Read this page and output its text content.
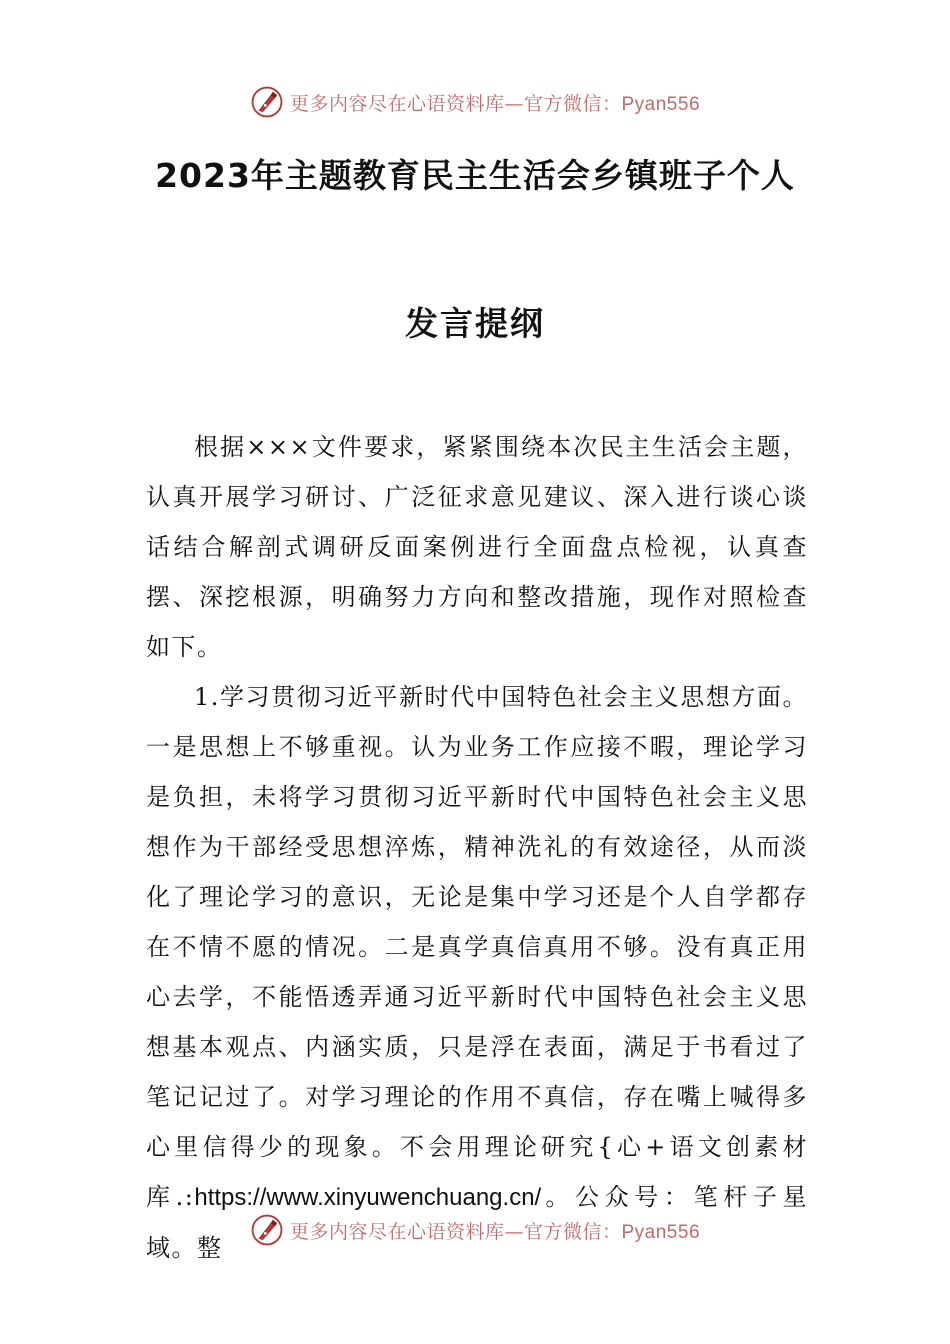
更多内容尽在心语资料库—官方微信：Pyan556
2023年主题教育民主生活会乡镇班子个人
发言提纲

根据×××文件要求，紧紧围绕本次民主生活会主题，认真开展学习研讨、广泛征求意见建议、深入进行谈心谈话结合解剖式调研反面案例进行全面盘点检视，认真查摆、深挖根源，明确努力方向和整改措施，现作对照检查如下。

1.学习贯彻习近平新时代中国特色社会主义思想方面。一是思想上不够重视。认为业务工作应接不暇，理论学习是负担，未将学习贯彻习近平新时代中国特色社会主义思想作为干部经受思想淬炼，精神洗礼的有效途径，从而淡化了理论学习的意识，无论是集中学习还是个人自学都存在不情不愿的情况。二是真学真信真用不够。没有真正用心去学，不能悟透弄通习近平新时代中国特色社会主义思想基本观点、内涵实质，只是浮在表面，满足于书看过了笔记记过了。对学习理论的作用不真信，存在嘴上喊得多心里信得少的现象。不会用理论研究{心+语文创素材库.:https://www.xinyuwenchuang.cn/。公众号：笔杆子星域。整

更多内容尽在心语资料库—官方微信：Pyan556
